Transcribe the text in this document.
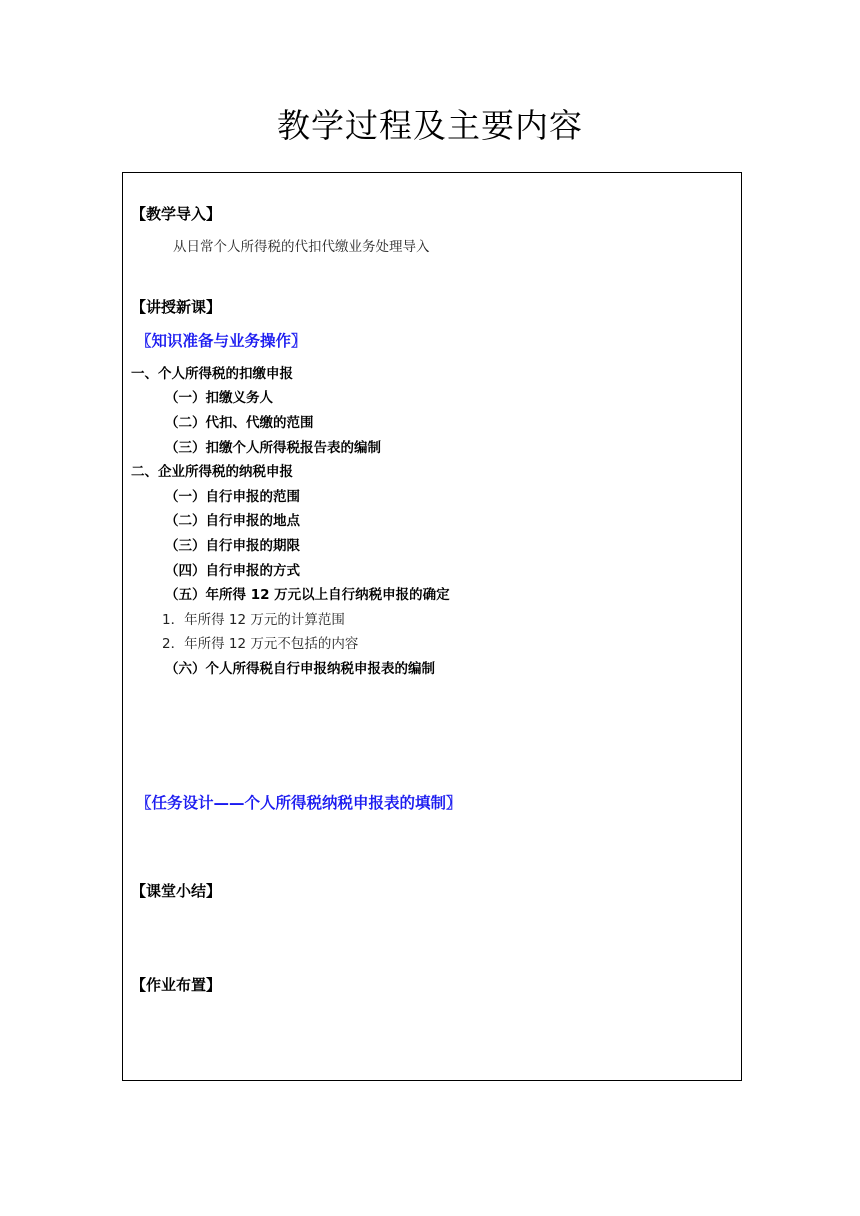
教学过程及主要内容
【教学导入】
从日常个人所得税的代扣代缴业务处理导入
【讲授新课】
〖知识准备与业务操作〗
一、个人所得税的扣缴申报
（一）扣缴义务人
（二）代扣、代缴的范围
（三）扣缴个人所得税报告表的编制
二、企业所得税的纳税申报
（一）自行申报的范围
（二）自行申报的地点
（三）自行申报的期限
（四）自行申报的方式
（五）年所得 12 万元以上自行纳税申报的确定
1．年所得 12 万元的计算范围
2．年所得 12 万元不包括的内容
（六）个人所得税自行申报纳税申报表的编制
〖任务设计——个人所得税纳税申报表的填制〗
【课堂小结】
【作业布置】
